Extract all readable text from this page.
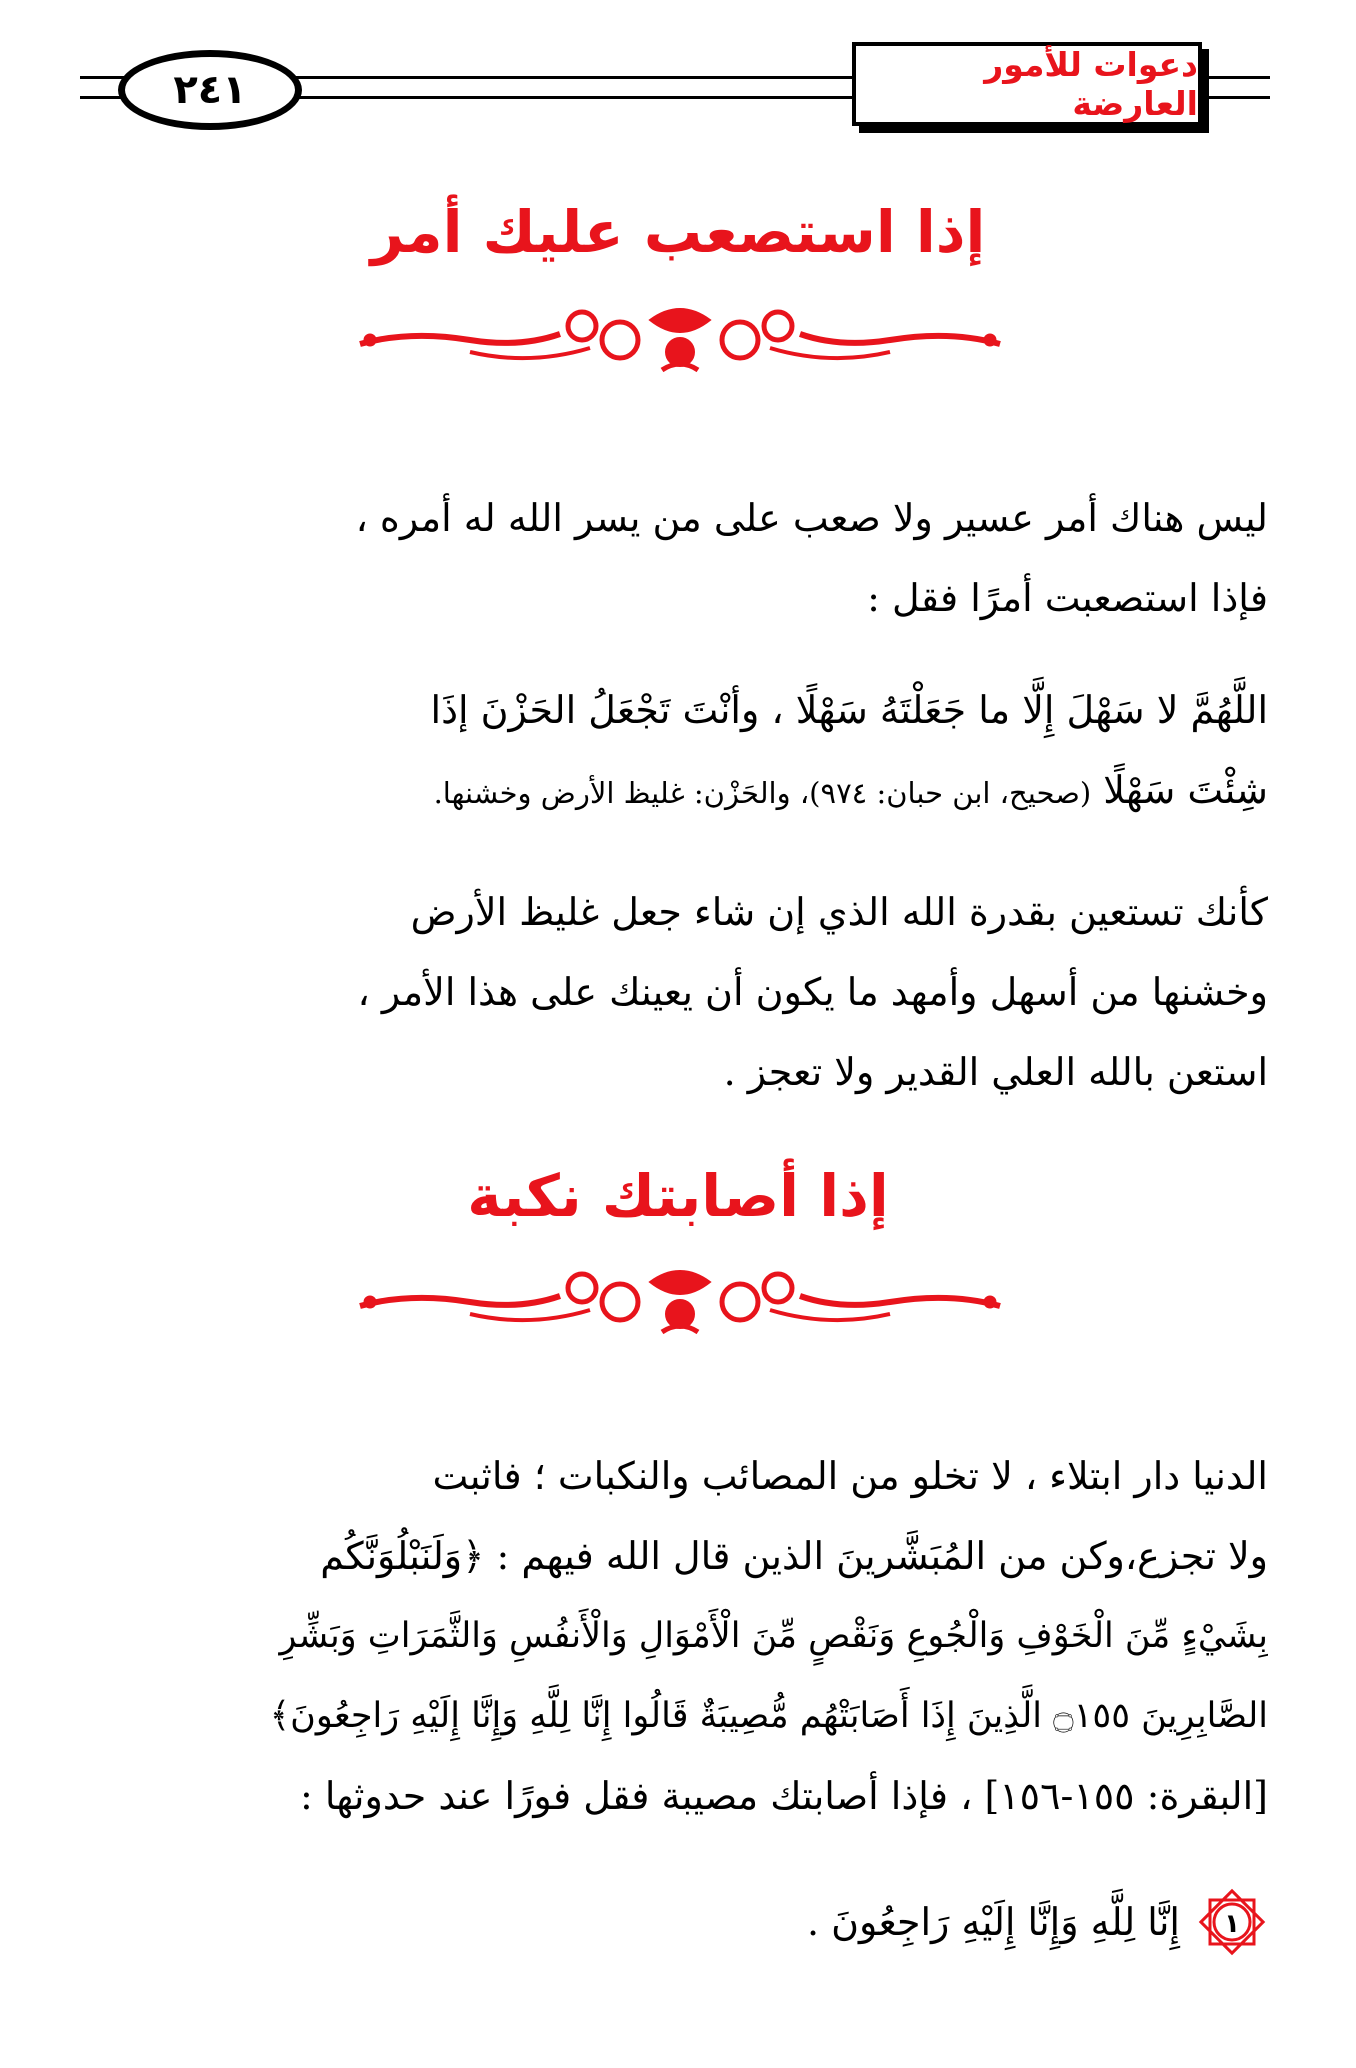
٢٤١
دعوات للأمور العارضة
إذا استصعب عليك أمر
ليس هناك أمر عسير ولا صعب على من يسر الله له أمره ،
فإذا استصعبت أمرًا فقل :
اللَّهُمَّ لا سَهْلَ إِلَّا ما جَعَلْتَهُ سَهْلًا ، وأنْتَ تَجْعَلُ الحَزْنَ إذَا
شِئْتَ سَهْلًا (صحيح، ابن حبان: ٩٧٤)، والحَزْن: غليظ الأرض وخشنها.
كأنك تستعين بقدرة الله الذي إن شاء جعل غليظ الأرض
وخشنها من أسهل وأمهد ما يكون أن يعينك على هذا الأمر ،
استعن بالله العلي القدير ولا تعجز .
إذا أصابتك نكبة
الدنيا دار ابتلاء ، لا تخلو من المصائب والنكبات ؛ فاثبت
ولا تجزع،وكن من المُبَشَّرينَ الذين قال الله فيهم : ﴿وَلَنَبْلُوَنَّكُم
بِشَيْءٍ مِّنَ الْخَوْفِ وَالْجُوعِ وَنَقْصٍ مِّنَ الْأَمْوَالِ وَالْأَنفُسِ وَالثَّمَرَاتِ وَبَشِّرِ
الصَّابِرِينَ ۝١٥٥ الَّذِينَ إِذَا أَصَابَتْهُم مُّصِيبَةٌ قَالُوا إِنَّا لِلَّهِ وَإِنَّا إِلَيْهِ رَاجِعُونَ﴾
[البقرة: ١٥٥-١٥٦] ، فإذا أصابتك مصيبة فقل فورًا عند حدوثها :
١
إِنَّا لِلَّهِ وَإِنَّا إِلَيْهِ رَاجِعُونَ .
